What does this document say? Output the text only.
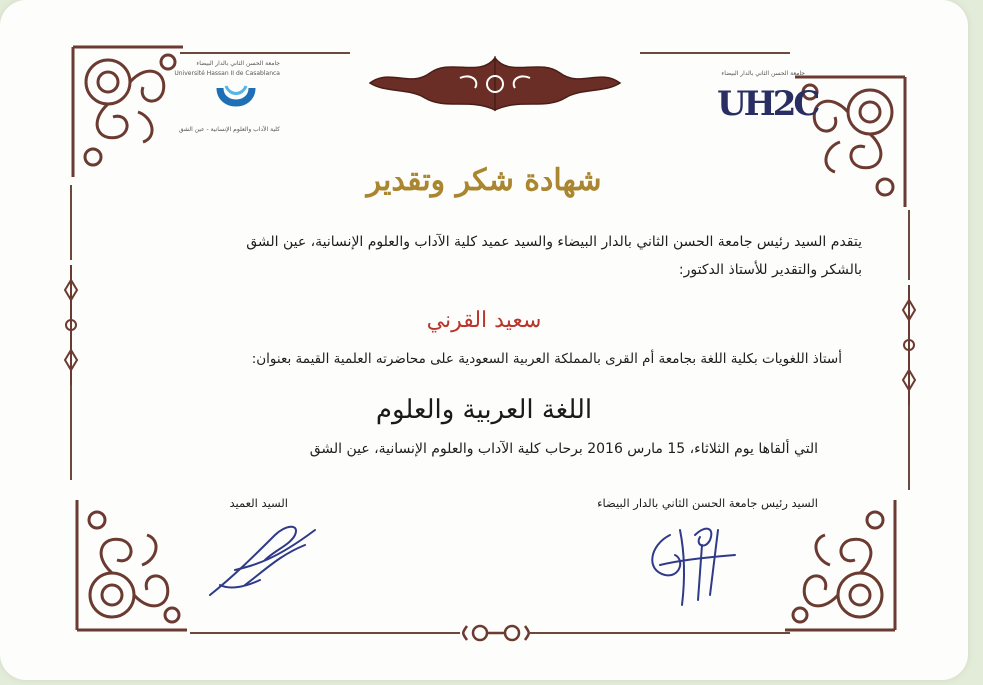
جامعة الحسن الثاني بالدار البيضاء
Université Hassan II de Casablanca
كلية الآداب والعلوم الإنسانية - عين الشق
جامعة الحسن الثاني بالدار البيضاء
UH2C
شهادة شكر وتقدير
يتقدم السيد رئيس جامعة الحسن الثاني بالدار البيضاء والسيد عميد كلية الآداب والعلوم الإنسانية، عين الشق
بالشكر والتقدير للأستاذ الدكتور:
سعيد القرني
أستاذ اللغويات بكلية اللغة بجامعة أم القرى بالمملكة العربية السعودية على محاضرته العلمية القيمة بعنوان:
اللغة العربية والعلوم
التي ألقاها يوم الثلاثاء، 15 مارس 2016 برحاب كلية الآداب والعلوم الإنسانية، عين الشق
السيد رئيس جامعة الحسن الثاني بالدار البيضاء
السيد العميد
